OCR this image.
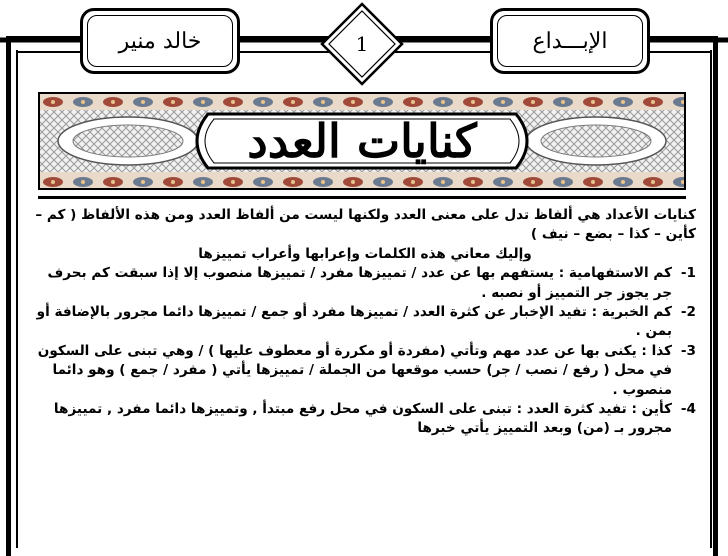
الإبـــداع
خالد منير	1
كنايات العدد

كنايات الأعداد هي ألفاظ تدل على معنى العدد ولكنها ليست من ألفاظ العدد ومن هذه الألفاظ ( كم – كأين – كذا – بضع – نيف )

وإليك معاني هذه الكلمات وإعرابها وأعراب تمييزها

1-
كم الاستفهامية : يستفهم بها عن عدد / تمييزها مفرد / تمييزها منصوب إلا إذا سبقت كم بحرف جر يجوز جر التمييز أو نصبه .
2-
كم الخبرية : تفيد الإخبار عن كثرة العدد / تمييزها مفرد أو جمع / تمييزها دائما مجرور بالإضافة أو بمن .
3-
كذا : يكنى بها عن عدد مهم وتأتي (مفردة أو مكررة أو معطوف عليها ) / وهي تبنى على السكون في محل ( رفع / نصب / جر) حسب موقعها من الجملة / تمييزها يأتي ( مفرد / جمع ) وهو دائما منصوب .
4-
كأين : تفيد كثرة العدد : تبنى على السكون في محل رفع مبتدأ , وتمييزها دائما مفرد , تمييزها مجرور بـ (من) وبعد التمييز يأتي خبرها
